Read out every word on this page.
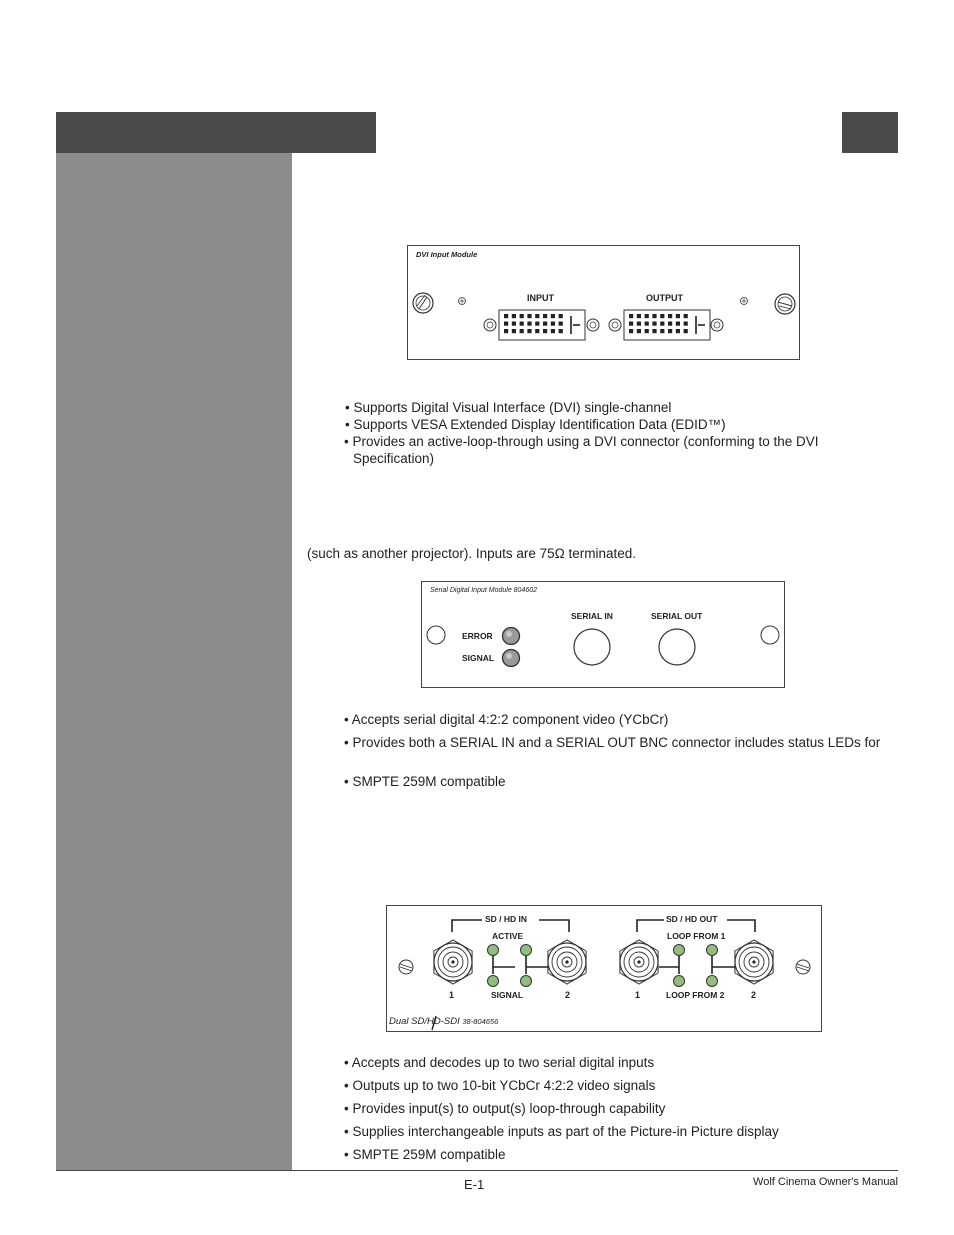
DVI Input Module
INPUT	OUTPUT
• Supports Digital Visual Interface (DVI) single-channel
• Supports VESA Extended Display Identification Data (EDID™)
• Provides an active-loop-through using a DVI connector (conforming to the DVI
Specification)
(such as another projector). Inputs are 75Ω terminated.
Serial Digital Input Module 804602
ERROR
SIGNAL
SERIAL IN	SERIAL OUT
• Accepts serial digital 4:2:2 component video (YCbCr)
• Provides both a SERIAL IN and a SERIAL OUT BNC connector includes status LEDs for
• SMPTE 259M compatible
SD / HD IN	SD / HD OUT
ACTIVE	LOOP FROM 1
1	SIGNAL	2	1	LOOP FROM 2	2
Dual SD/HD-SDI 38-804656
• Accepts and decodes up to two serial digital inputs
• Outputs up to two 10-bit YCbCr 4:2:2 video signals
• Provides input(s) to output(s) loop-through capability
• Supplies interchangeable inputs as part of the Picture-in Picture display
• SMPTE 259M compatible
E-1	Wolf Cinema Owner's Manual
